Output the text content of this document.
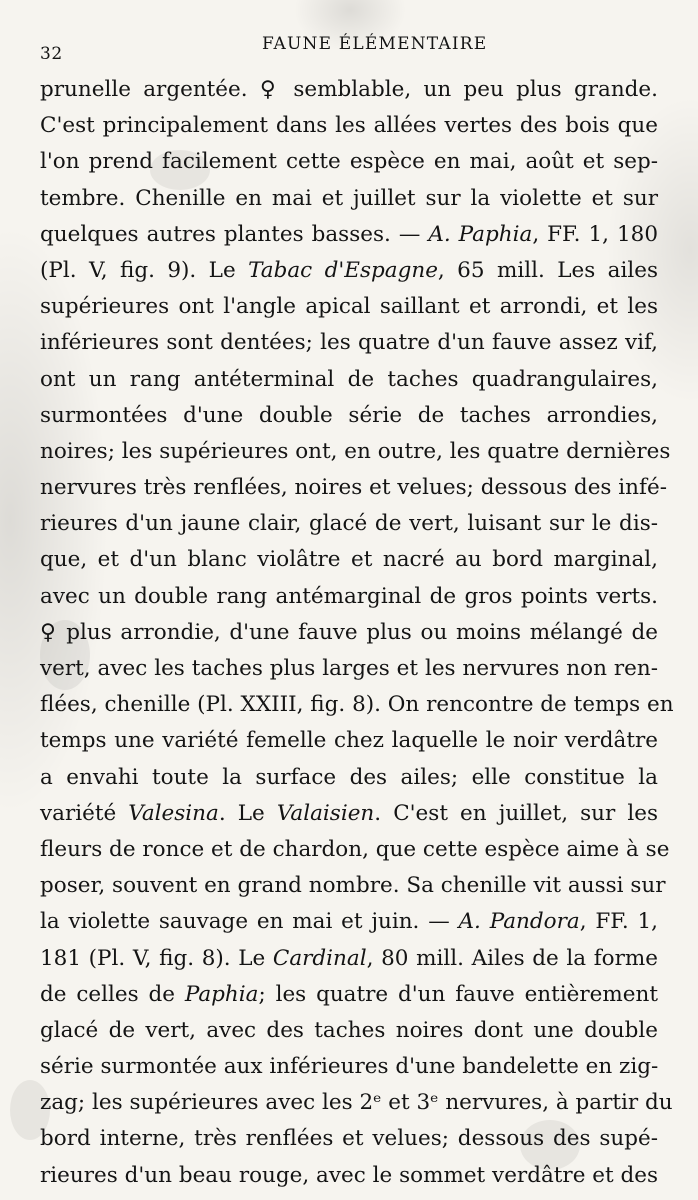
32	FAUNE ÉLÉMENTAIRE
prunelle argentée. ♀ semblable, un peu plus grande.
C'est principalement dans les allées vertes des bois que
l'on prend facilement cette espèce en mai, août et sep-
tembre. Chenille en mai et juillet sur la violette et sur
quelques autres plantes basses. — A. Paphia, FF. 1, 180
(Pl. V, fig. 9). Le Tabac d'Espagne, 65 mill. Les ailes
supérieures ont l'angle apical saillant et arrondi, et les
inférieures sont dentées; les quatre d'un fauve assez vif,
ont un rang antéterminal de taches quadrangulaires,
surmontées d'une double série de taches arrondies,
noires; les supérieures ont, en outre, les quatre dernières
nervures très renflées, noires et velues; dessous des infé-
rieures d'un jaune clair, glacé de vert, luisant sur le dis-
que, et d'un blanc violâtre et nacré au bord marginal,
avec un double rang antémarginal de gros points verts.
♀ plus arrondie, d'une fauve plus ou moins mélangé de
vert, avec les taches plus larges et les nervures non ren-
flées, chenille (Pl. XXIII, fig. 8). On rencontre de temps en
temps une variété femelle chez laquelle le noir verdâtre
a envahi toute la surface des ailes; elle constitue la
variété Valesina. Le Valaisien. C'est en juillet, sur les
fleurs de ronce et de chardon, que cette espèce aime à se
poser, souvent en grand nombre. Sa chenille vit aussi sur
la violette sauvage en mai et juin. — A. Pandora, FF. 1,
181 (Pl. V, fig. 8). Le Cardinal, 80 mill. Ailes de la forme
de celles de Paphia; les quatre d'un fauve entièrement
glacé de vert, avec des taches noires dont une double
série surmontée aux inférieures d'une bandelette en zig-
zag; les supérieures avec les 2ᵉ et 3ᵉ nervures, à partir du
bord interne, très renflées et velues; dessous des supé-
rieures d'un beau rouge, avec le sommet verdâtre et des
